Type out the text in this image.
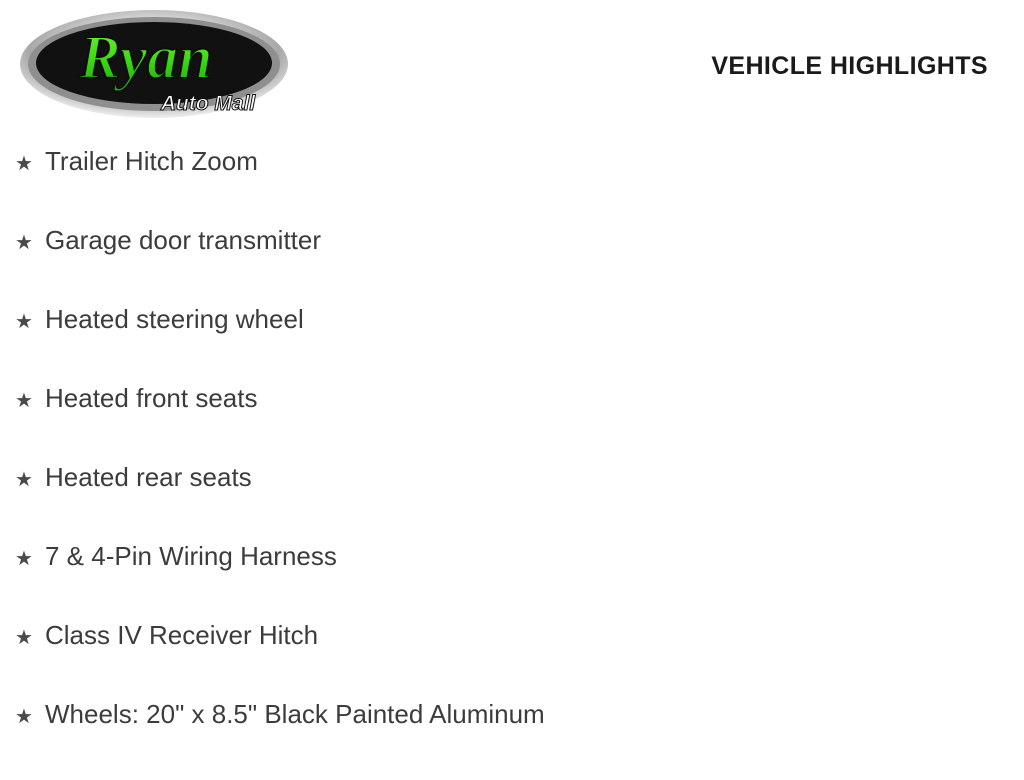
Ryan
Auto Mall
VEHICLE HIGHLIGHTS
★ Trailer Hitch Zoom
★ Garage door transmitter
★ Heated steering wheel
★ Heated front seats
★ Heated rear seats
★ 7 & 4-Pin Wiring Harness
★ Class IV Receiver Hitch
★ Wheels: 20" x 8.5" Black Painted Aluminum
